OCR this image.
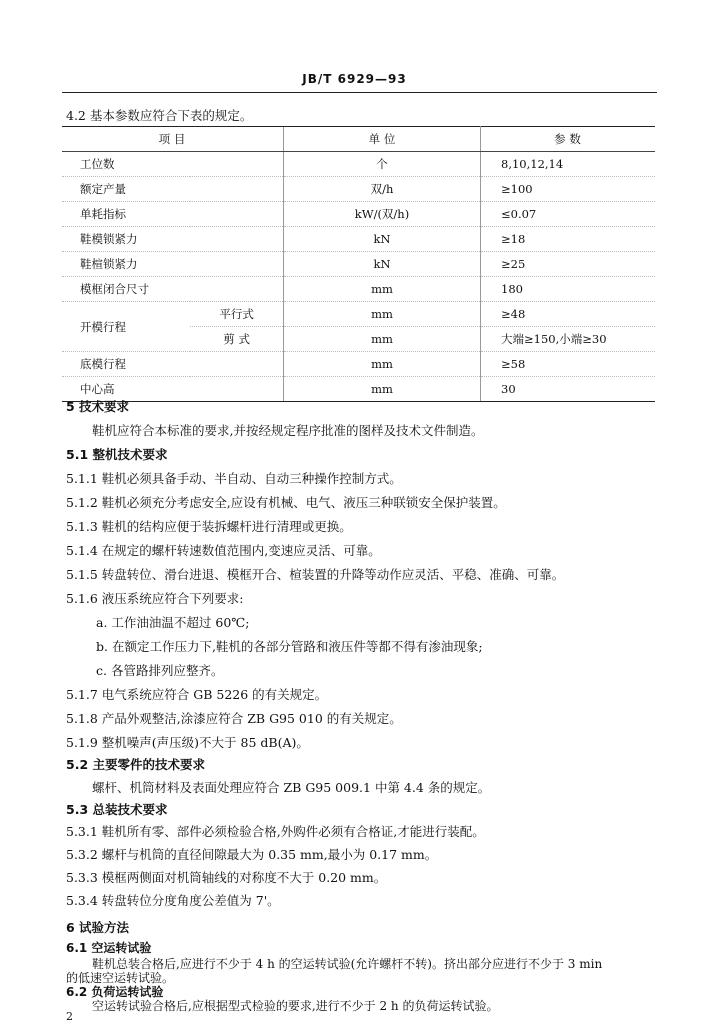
JB/T 6929—93
4.2 基本参数应符合下表的规定。
项 目		单 位	参 数
工位数		个	8,10,12,14
额定产量		双/h	≥100
单耗指标		kW/(双/h)	≤0.07
鞋模锁紧力		kN	≥18
鞋楦锁紧力		kN	≥25
模框闭合尺寸		mm	180
开模行程	平行式	mm	≥48
	剪 式	mm	大端≥150,小端≥30
底模行程		mm	≥58
中心高		mm	30
5 技术要求
鞋机应符合本标准的要求,并按经规定程序批准的图样及技术文件制造。
5.1 整机技术要求
5.1.1 鞋机必须具备手动、半自动、自动三种操作控制方式。
5.1.2 鞋机必须充分考虑安全,应设有机械、电气、液压三种联锁安全保护装置。
5.1.3 鞋机的结构应便于装拆螺杆进行清理或更换。
5.1.4 在规定的螺杆转速数值范围内,变速应灵活、可靠。
5.1.5 转盘转位、滑台进退、模框开合、楦装置的升降等动作应灵活、平稳、准确、可靠。
5.1.6 液压系统应符合下列要求:
a. 工作油油温不超过 60℃;
b. 在额定工作压力下,鞋机的各部分管路和液压件等都不得有渗油现象;
c. 各管路排列应整齐。
5.1.7 电气系统应符合 GB 5226 的有关规定。
5.1.8 产品外观整洁,涂漆应符合 ZB G95 010 的有关规定。
5.1.9 整机噪声(声压级)不大于 85 dB(A)。
5.2 主要零件的技术要求
螺杆、机筒材料及表面处理应符合 ZB G95 009.1 中第 4.4 条的规定。
5.3 总装技术要求
5.3.1 鞋机所有零、部件必须检验合格,外购件必须有合格证,才能进行装配。
5.3.2 螺杆与机筒的直径间隙最大为 0.35 mm,最小为 0.17 mm。
5.3.3 模框两侧面对机筒轴线的对称度不大于 0.20 mm。
5.3.4 转盘转位分度角度公差值为 7'。
6 试验方法
6.1 空运转试验
鞋机总装合格后,应进行不少于 4 h 的空运转试验(允许螺杆不转)。挤出部分应进行不少于 3 min
的低速空运转试验。
6.2 负荷运转试验
空运转试验合格后,应根据型式检验的要求,进行不少于 2 h 的负荷运转试验。
2
